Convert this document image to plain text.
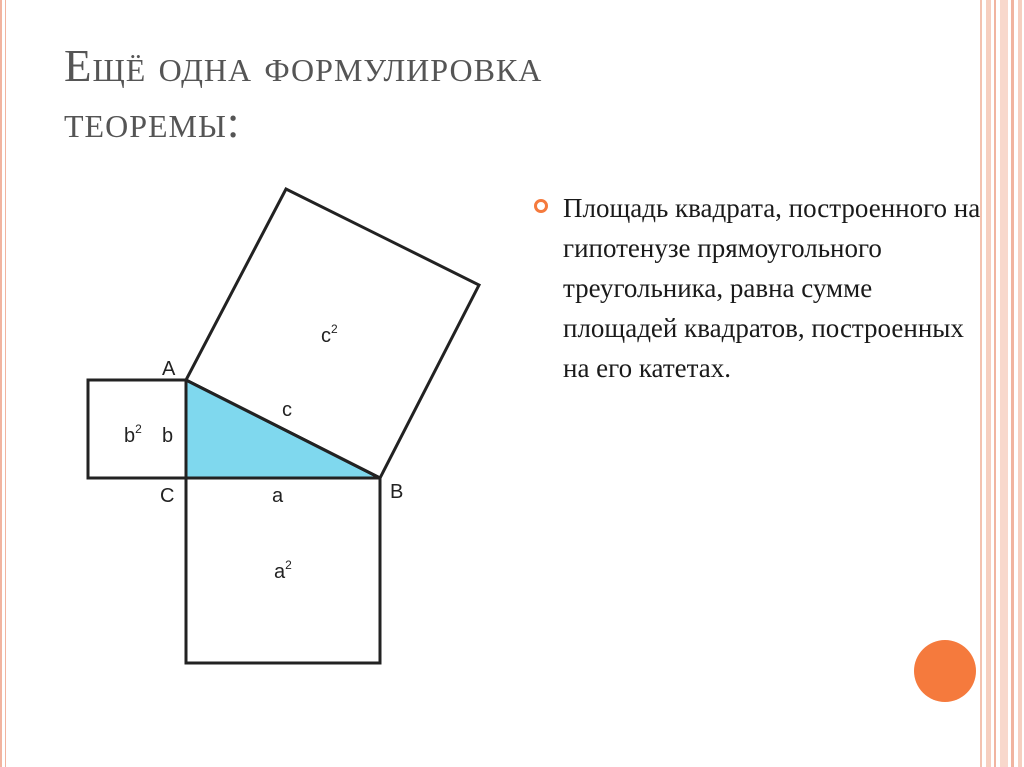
Ещё одна формулировка
теоремы:

Площадь квадрата, построенного на гипотенузе прямоугольного треугольника, равна сумме площадей квадратов, построенных на его катетах.

A
B
C
b
a
c
$b^2$
$a^2$
$c^2$
